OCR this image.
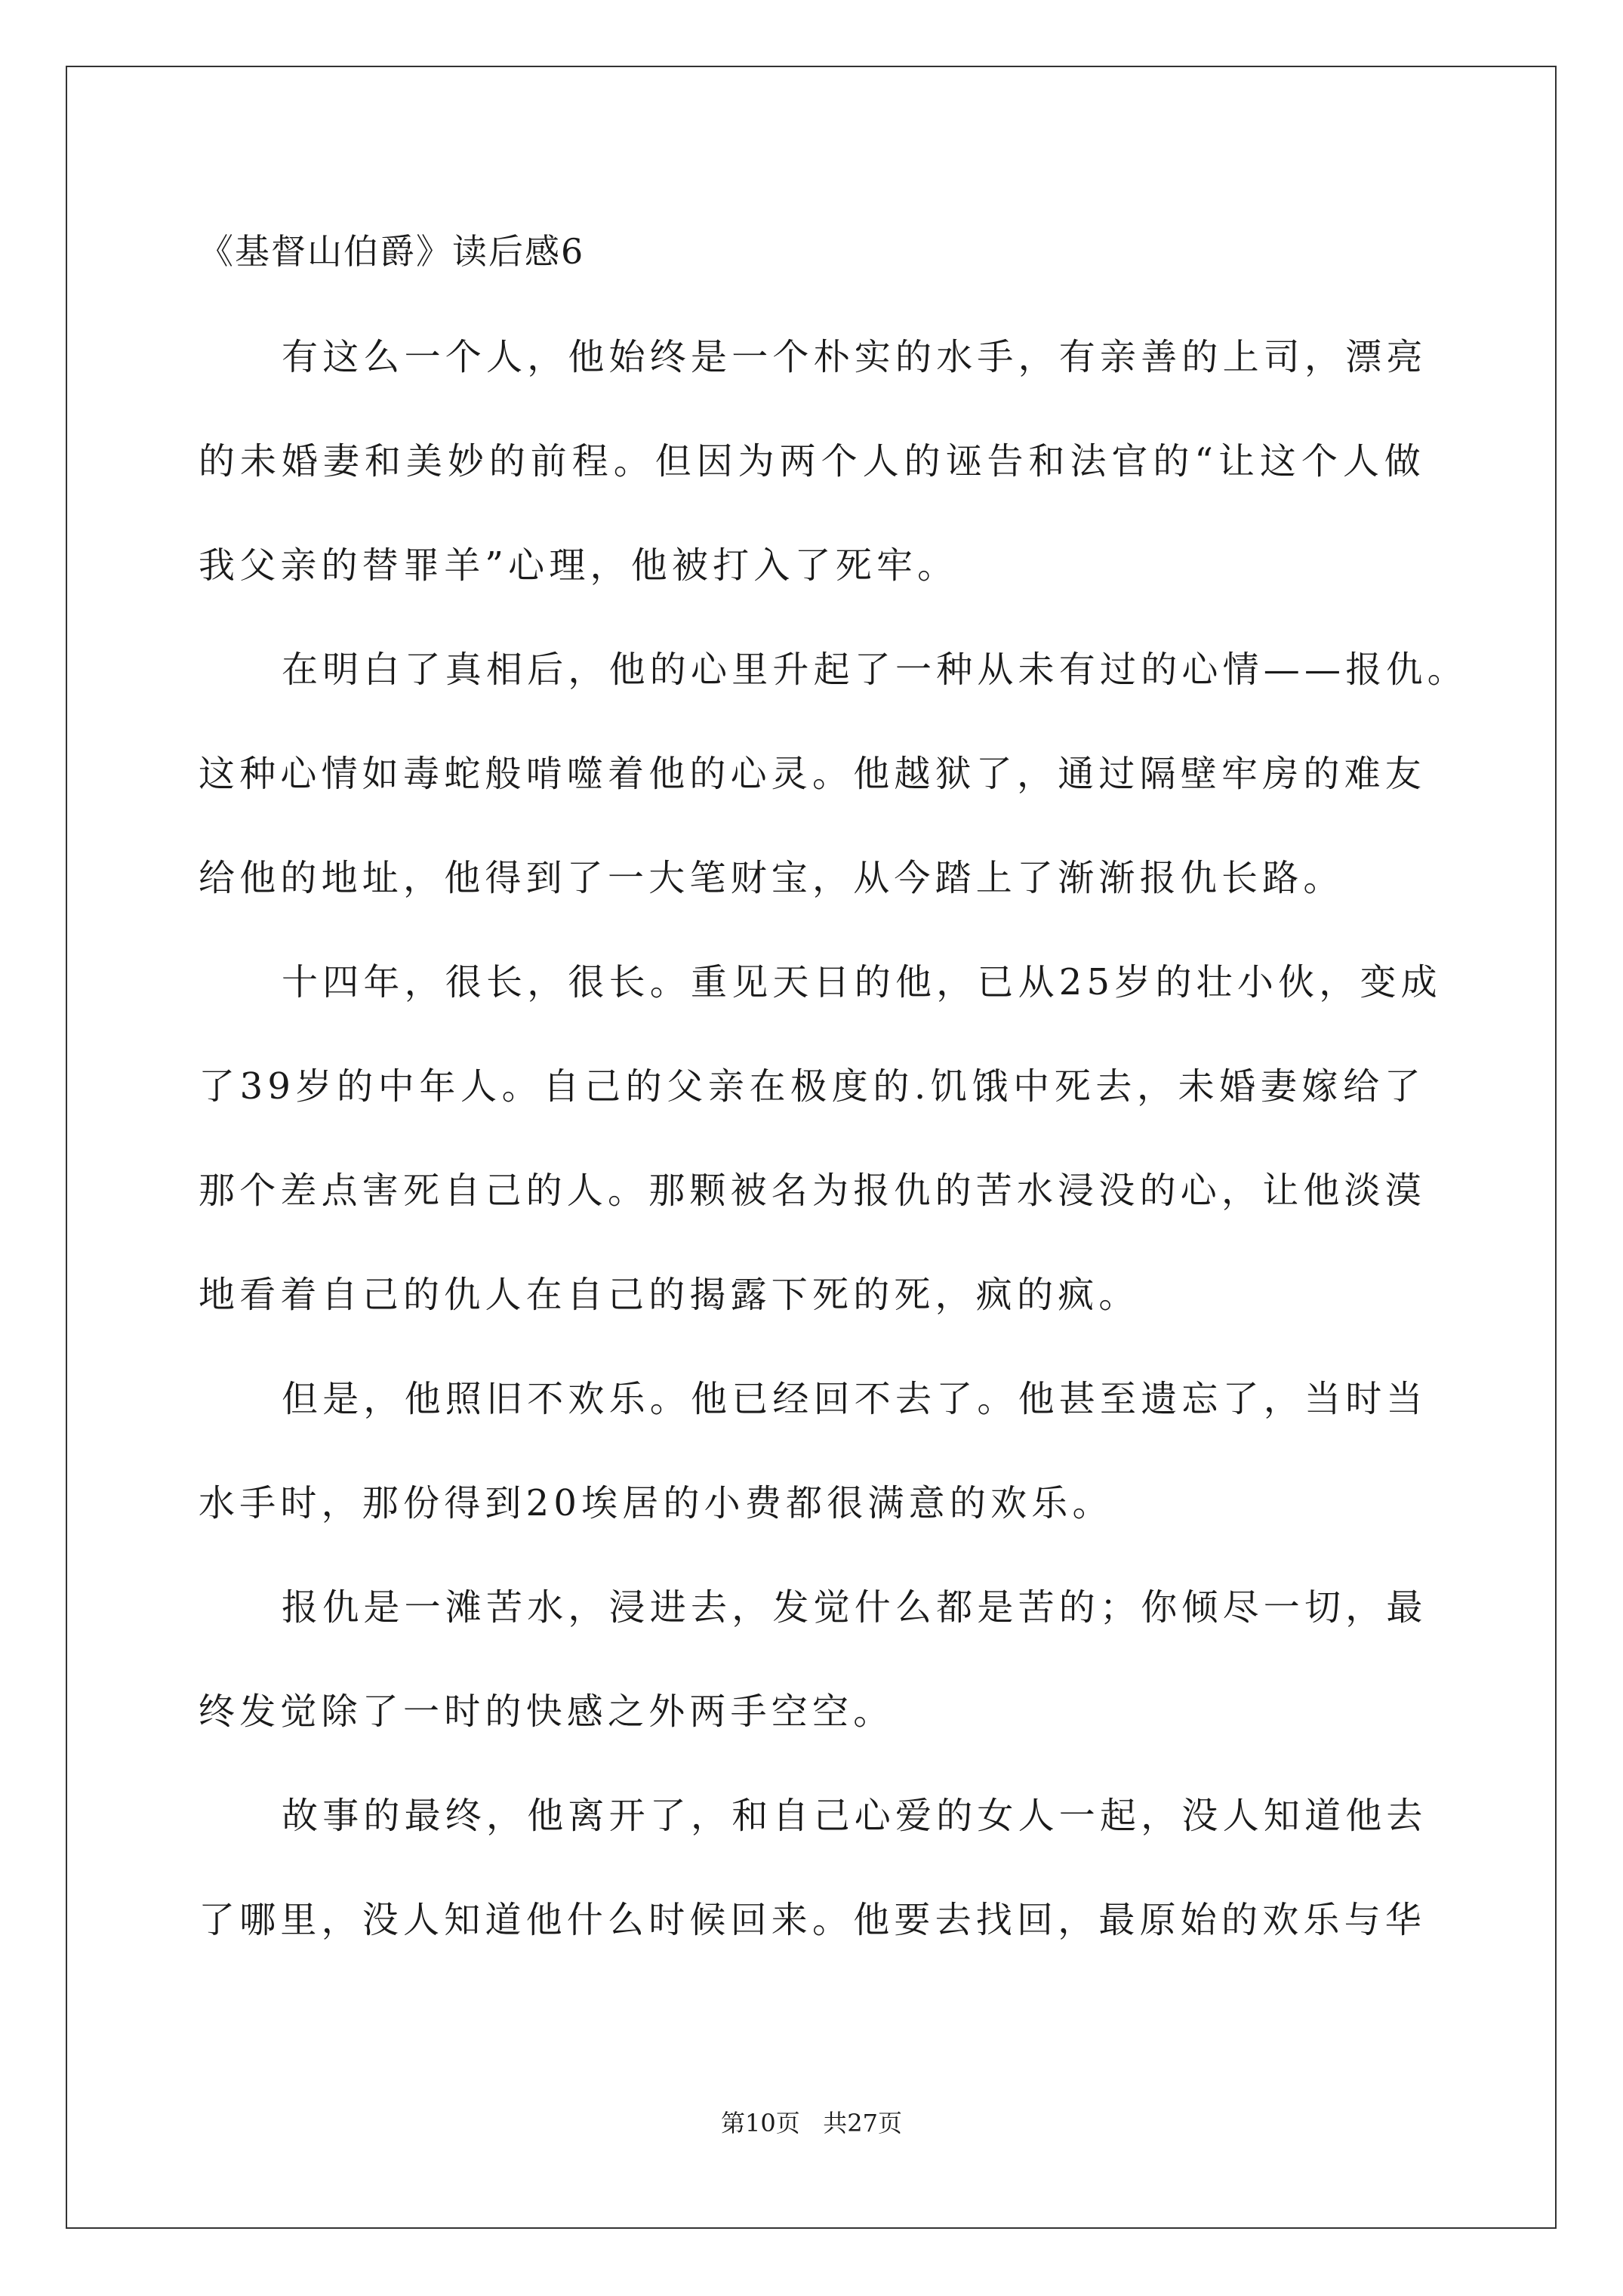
《基督山伯爵》读后感6
有这么一个人，他始终是一个朴实的水手，有亲善的上司，漂亮
的未婚妻和美妙的前程。但因为两个人的诬告和法官的“让这个人做
我父亲的替罪羊”心理，他被打入了死牢。
在明白了真相后，他的心里升起了一种从未有过的心情——报仇。
这种心情如毒蛇般啃噬着他的心灵。他越狱了，通过隔壁牢房的难友
给他的地址，他得到了一大笔财宝，从今踏上了渐渐报仇长路。
十四年，很长，很长。重见天日的他，已从25岁的壮小伙，变成
了39岁的中年人。自己的父亲在极度的.饥饿中死去，未婚妻嫁给了
那个差点害死自己的人。那颗被名为报仇的苦水浸没的心，让他淡漠
地看着自己的仇人在自己的揭露下死的死，疯的疯。
但是，他照旧不欢乐。他已经回不去了。他甚至遗忘了，当时当
水手时，那份得到20埃居的小费都很满意的欢乐。
报仇是一滩苦水，浸进去，发觉什么都是苦的；你倾尽一切，最
终发觉除了一时的快感之外两手空空。
故事的最终，他离开了，和自己心爱的女人一起，没人知道他去
了哪里，没人知道他什么时候回来。他要去找回，最原始的欢乐与华
第10页   共27页
